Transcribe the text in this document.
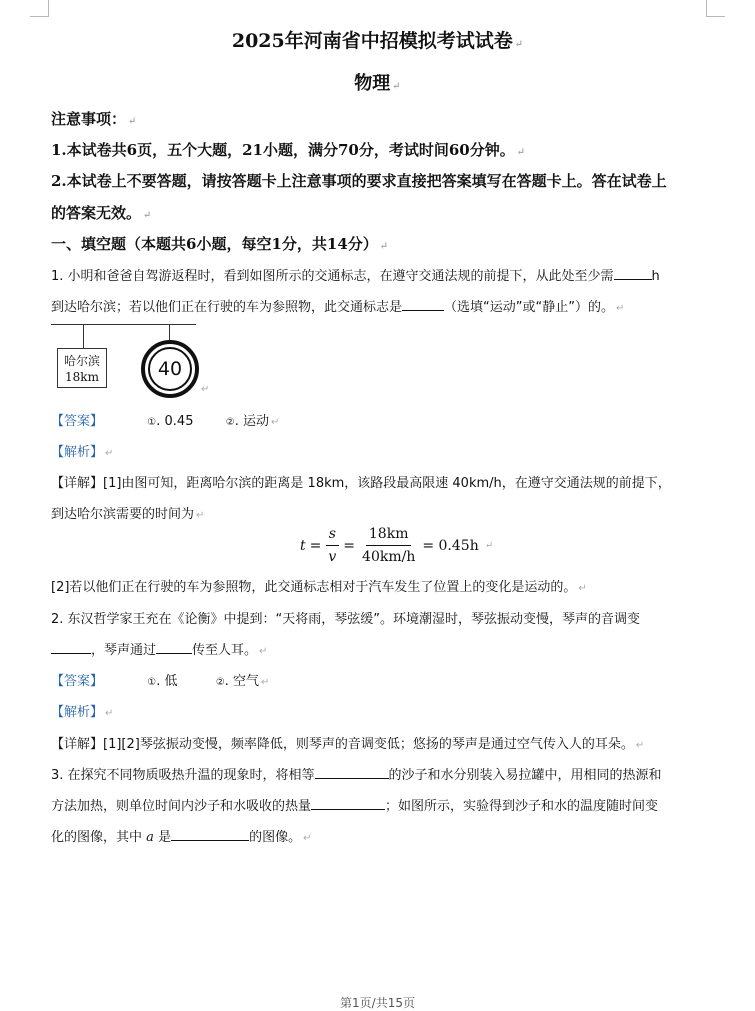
2025年河南省中招模拟考试试卷 ↵
物理 ↵
注意事项： ↵
1.本试卷共6页，五个大题，21小题，满分70分，考试时间60分钟。 ↵
2.本试卷上不要答题，请按答题卡上注意事项的要求直接把答案填写在答题卡上。答在试卷上
的答案无效。 ↵
一、填空题（本题共6小题，每空1分，共14分） ↵
1. 小明和爸爸自驾游返程时，看到如图所示的交通标志，在遵守交通法规的前提下，从此处至少需	h
到达哈尔滨；若以他们正在行驶的车为参照物，此交通标志是	（选填“运动”或“静止”）的。 ↵
哈尔滨
18km	40
↵
【答案】	①. 0.45	②. 运动 ↵
【解析】 ↵
【详解】[1]由图可知，距离哈尔滨的距离是 18km，该路段最高限速 40km/h，在遵守交通法规的前提下，
到达哈尔滨需要的时间为 ↵
$t = \frac{s}{v} = \frac{18km}{40km/h} = 0.45h$ ↵
[2]若以他们正在行驶的车为参照物，此交通标志相对于汽车发生了位置上的变化是运动的。 ↵
2. 东汉哲学家王充在《论衡》中提到：“天将雨，琴弦缓”。环境潮湿时，琴弦振动变慢，琴声的音调变
，琴声通过	传至人耳。 ↵
【答案】	①. 低	②. 空气 ↵
【解析】 ↵
【详解】[1][2]琴弦振动变慢，频率降低，则琴声的音调变低；悠扬的琴声是通过空气传入人的耳朵。 ↵
3. 在探究不同物质吸热升温的现象时，将相等	的沙子和水分别装入易拉罐中，用相同的热源和
方法加热，则单位时间内沙子和水吸收的热量	；如图所示，实验得到沙子和水的温度随时间变
化的图像，其中 a 是	的图像。 ↵
第1页/共15页
